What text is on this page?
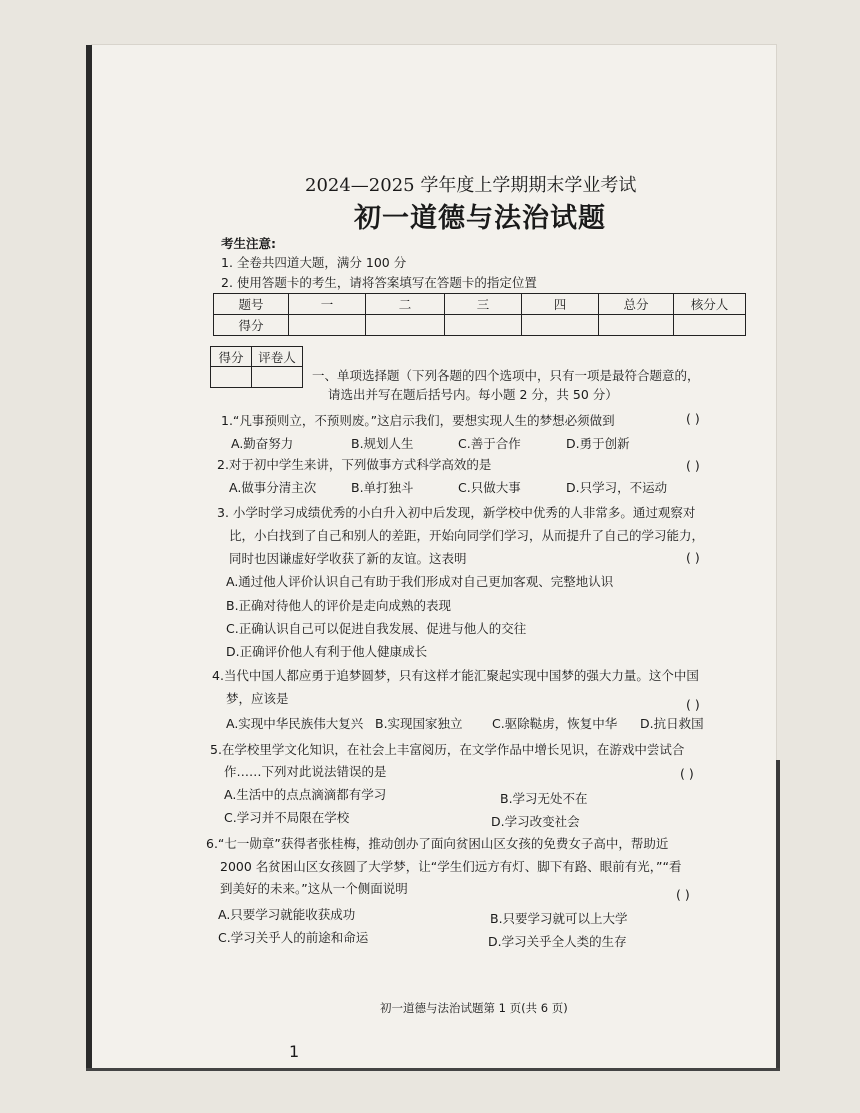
2024—2025 学年度上学期期末学业考试
初一道德与法治试题
考生注意:
1. 全卷共四道大题，满分 100 分
2. 使用答题卡的考生，请将答案填写在答题卡的指定位置
题号	一	二	三	四	总分	核分人
得分						
得分	评卷人

一、单项选择题（下列各题的四个选项中，只有一项是最符合题意的，
请选出并写在题后括号内。每小题 2 分，共 50 分）
1.“凡事预则立，不预则废。”这启示我们，要想实现人生的梦想必须做到	( )
A.勤奋努力	B.规划人生	C.善于合作	D.勇于创新
2.对于初中学生来讲，下列做事方式科学高效的是	( )
A.做事分清主次	B.单打独斗	C.只做大事	D.只学习，不运动
3. 小学时学习成绩优秀的小白升入初中后发现，新学校中优秀的人非常多。通过观察对
比，小白找到了自己和别人的差距，开始向同学们学习，从而提升了自己的学习能力，
同时也因谦虚好学收获了新的友谊。这表明	( )
A.通过他人评价认识自己有助于我们形成对自己更加客观、完整地认识
B.正确对待他人的评价是走向成熟的表现
C.正确认识自己可以促进自我发展、促进与他人的交往
D.正确评价他人有利于他人健康成长
4.当代中国人都应勇于追梦圆梦，只有这样才能汇聚起实现中国梦的强大力量。这个中国
梦，应该是	( )
A.实现中华民族伟大复兴 B.实现国家独立 C.驱除鞑虏，恢复中华 D.抗日救国
5.在学校里学文化知识，在社会上丰富阅历，在文学作品中增长见识，在游戏中尝试合
作……下列对此说法错误的是	( )
A.生活中的点点滴滴都有学习	B.学习无处不在
C.学习并不局限在学校	D.学习改变社会
6.“七一勋章”获得者张桂梅，推动创办了面向贫困山区女孩的免费女子高中，帮助近
2000 名贫困山区女孩圆了大学梦，让“学生们远方有灯、脚下有路、眼前有光，”“看
到美好的未来。”这从一个侧面说明	( )
A.只要学习就能收获成功	B.只要学习就可以上大学
C.学习关乎人的前途和命运	D.学习关乎全人类的生存
初一道德与法治试题第 1 页(共 6 页)
1
